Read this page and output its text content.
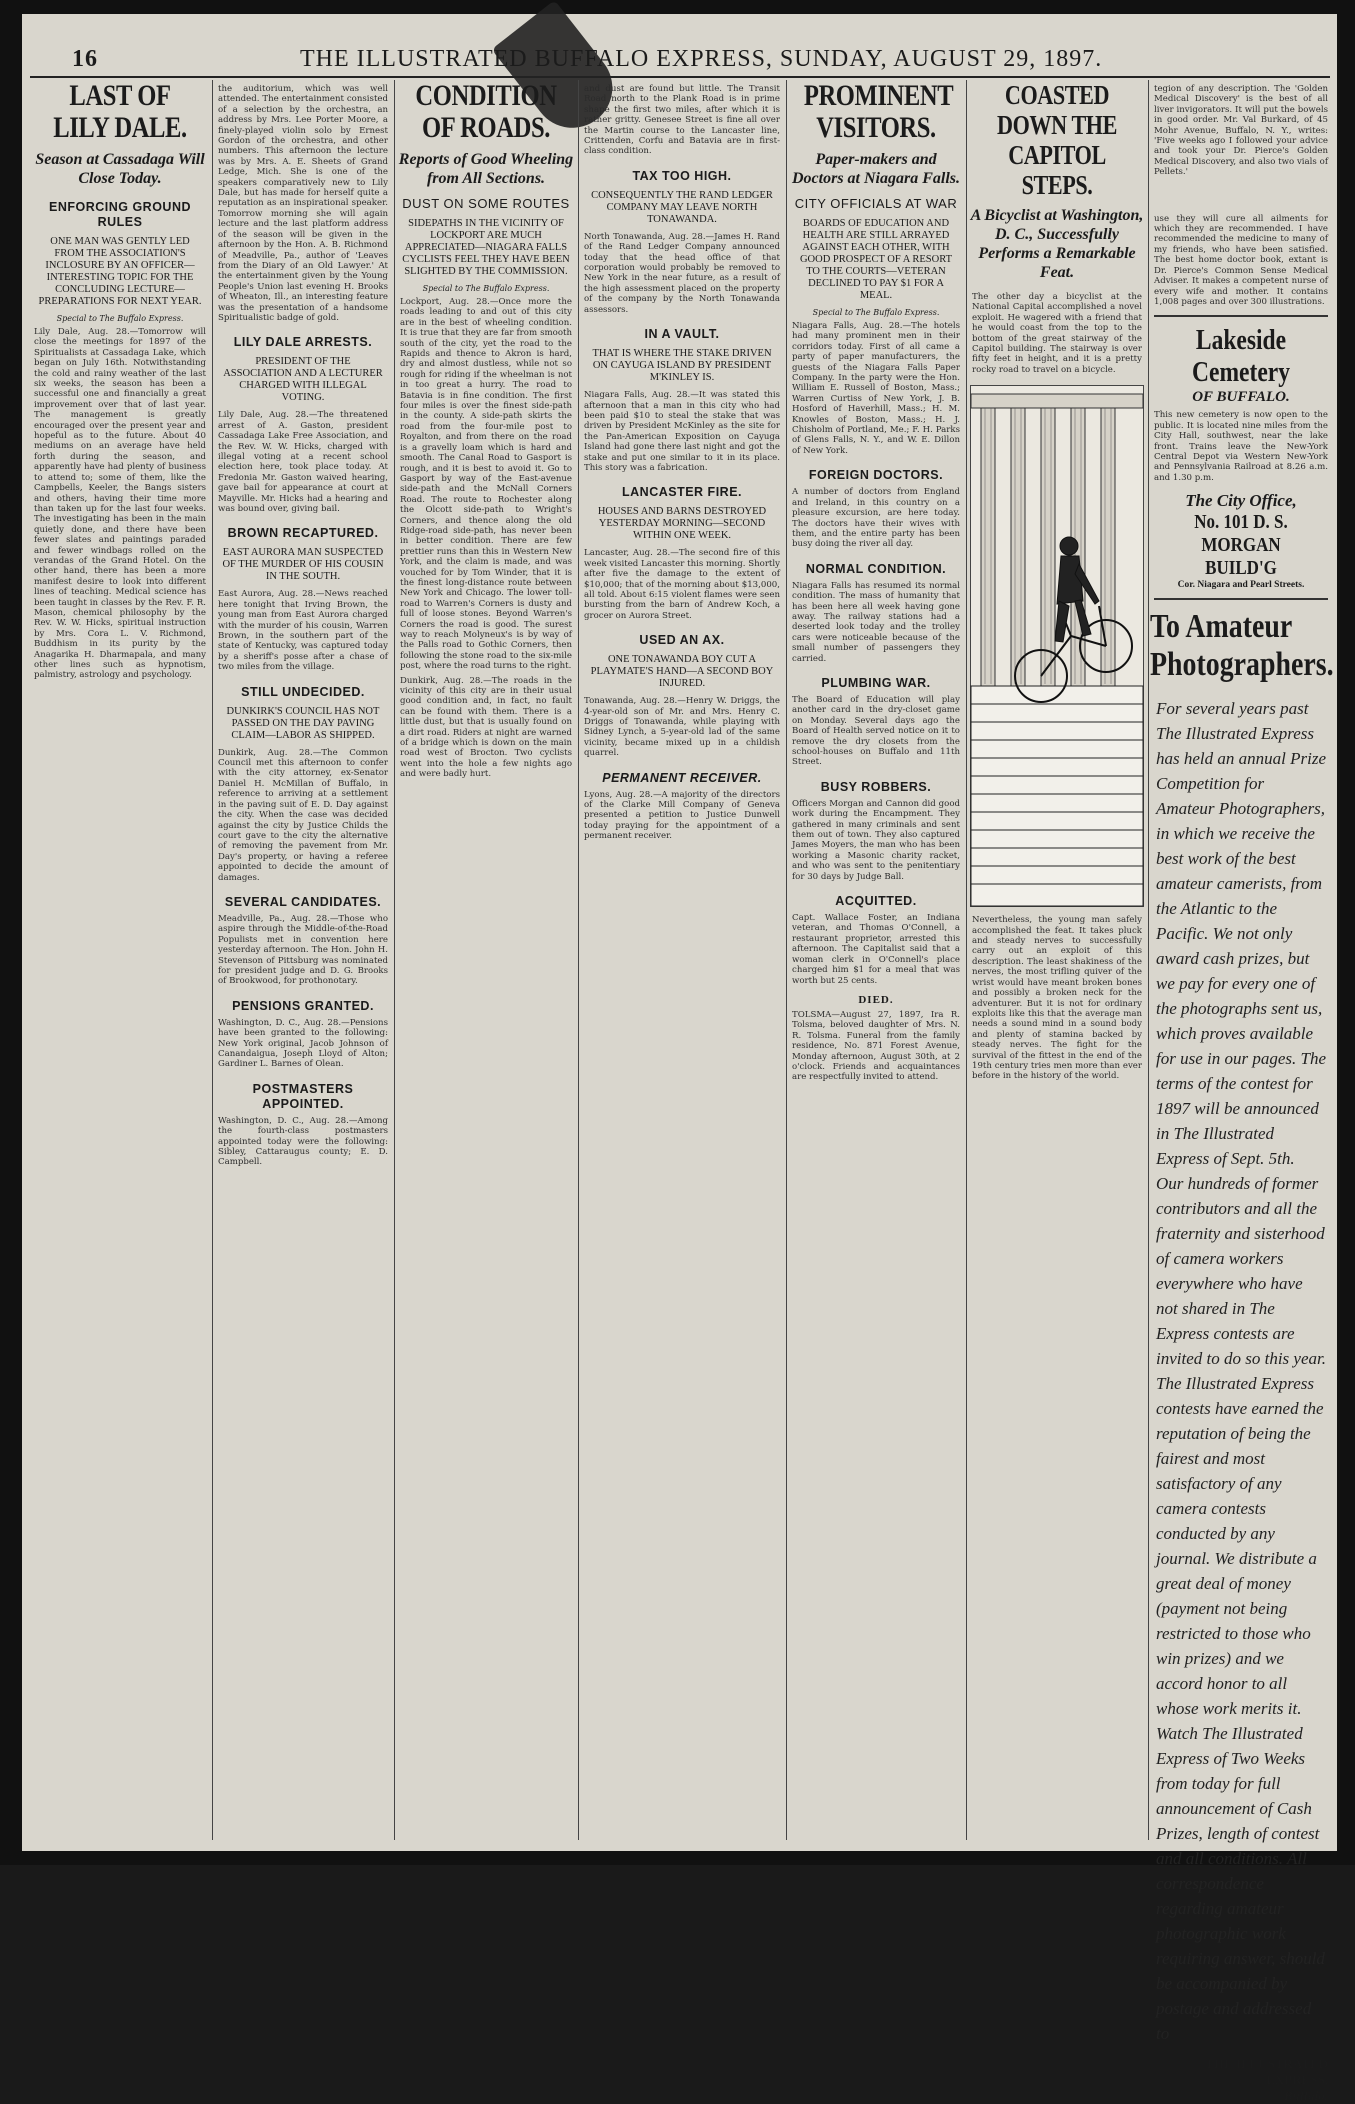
16	THE ILLUSTRATED BUFFALO EXPRESS, SUNDAY, AUGUST 29, 1897.
LAST OF LILY DALE.
Season at Cassadaga Will Close Today.
ENFORCING GROUND RULES
ONE MAN WAS GENTLY LED FROM THE ASSOCIATION'S INCLOSURE BY AN OFFICER—INTERESTING TOPIC FOR THE CONCLUDING LECTURE—PREPARATIONS FOR NEXT YEAR.
Special to The Buffalo Express.
Lily Dale, Aug. 28.—Tomorrow will close the meetings for 1897 of the Spiritualists at Cassadaga Lake, which began on July 16th. Notwithstanding the cold and rainy weather of the last six weeks, the season has been a successful one and financially a great improvement over that of last year. The management is greatly encouraged over the present year and hopeful as to the future. About 40 mediums on an average have held forth during the season, and apparently have had plenty of business to attend to; some of them, like the Campbells, Keeler, the Bangs sisters and others, having their time more than taken up for the last four weeks. The investigating has been in the main quietly done, and there have been fewer slates and paintings paraded and fewer windbags rolled on the verandas of the Grand Hotel. On the other hand, there has been a more manifest desire to look into different lines of teaching. Medical science has been taught in classes by the Rev. F. R. Mason, chemical philosophy by the Rev. W. W. Hicks, spiritual instruction by Mrs. Cora L. V. Richmond, Buddhism in its purity by the Anagarika H. Dharmapala, and many other lines such as hypnotism, palmistry, astrology and psychology.
the auditorium, which was well attended. The entertainment consisted of a selection by the orchestra, an address by Mrs. Lee Porter Moore, a finely-played violin solo by Ernest Gordon of the orchestra, and other numbers. This afternoon the lecture was by Mrs. A. E. Sheets of Grand Ledge, Mich. She is one of the speakers comparatively new to Lily Dale, but has made for herself quite a reputation as an inspirational speaker. Tomorrow morning she will again lecture and the last platform address of the season will be given in the afternoon by the Hon. A. B. Richmond of Meadville, Pa., author of 'Leaves from the Diary of an Old Lawyer.' At the entertainment given by the Young People's Union last evening H. Brooks of Wheaton, Ill., an interesting feature was the presentation of a handsome Spiritualistic badge of gold.
LILY DALE ARRESTS.
PRESIDENT OF THE ASSOCIATION AND A LECTURER CHARGED WITH ILLEGAL VOTING.
Lily Dale, Aug. 28.—The threatened arrest of A. Gaston, president Cassadaga Lake Free Association, and the Rev. W. W. Hicks, charged with illegal voting at a recent school election here, took place today. At Fredonia Mr. Gaston waived hearing, gave bail for appearance at court at Mayville. Mr. Hicks had a hearing and was bound over, giving bail.
BROWN RECAPTURED.
EAST AURORA MAN SUSPECTED OF THE MURDER OF HIS COUSIN IN THE SOUTH.
East Aurora, Aug. 28.—News reached here tonight that Irving Brown, the young man from East Aurora charged with the murder of his cousin, Warren Brown, in the southern part of the state of Kentucky, was captured today by a sheriff's posse after a chase of two miles from the village.
STILL UNDECIDED.
DUNKIRK'S COUNCIL HAS NOT PASSED ON THE DAY PAVING CLAIM—LABOR AS SHIPPED.
Dunkirk, Aug. 28.—The Common Council met this afternoon to confer with the city attorney, ex-Senator Daniel H. McMillan of Buffalo, in reference to arriving at a settlement in the paving suit of E. D. Day against the city. When the case was decided against the city by Justice Childs the court gave to the city the alternative of removing the pavement from Mr. Day's property, or having a referee appointed to decide the amount of damages.
SEVERAL CANDIDATES.
Meadville, Pa., Aug. 28.—Those who aspire through the Middle-of-the-Road Populists met in convention here yesterday afternoon. The Hon. John H. Stevenson of Pittsburg was nominated for president judge and D. G. Brooks of Brookwood, for prothonotary.
PENSIONS GRANTED.
Washington, D. C., Aug. 28.—Pensions have been granted to the following: New York original, Jacob Johnson of Canandaigua, Joseph Lloyd of Alton; Gardiner L. Barnes of Olean.
POSTMASTERS APPOINTED.
Washington, D. C., Aug. 28.—Among the fourth-class postmasters appointed today were the following: Sibley, Cattaraugus county; E. D. Campbell.
CONDITION OF ROADS.
Reports of Good Wheeling from All Sections.
DUST ON SOME ROUTES
SIDEPATHS IN THE VICINITY OF LOCKPORT ARE MUCH APPRECIATED—NIAGARA FALLS CYCLISTS FEEL THEY HAVE BEEN SLIGHTED BY THE COMMISSION.
Special to The Buffalo Express.
Lockport, Aug. 28.—Once more the roads leading to and out of this city are in the best of wheeling condition. It is true that they are far from smooth south of the city, yet the road to the Rapids and thence to Akron is hard, dry and almost dustless, while not so rough for riding if the wheelman is not in too great a hurry. The road to Batavia is in fine condition. The first four miles is over the finest side-path in the county. A side-path skirts the road from the four-mile post to Royalton, and from there on the road is a gravelly loam which is hard and smooth. The Canal Road to Gasport is rough, and it is best to avoid it. Go to Gasport by way of the East-avenue side-path and the McNall Corners Road. The route to Rochester along the Olcott side-path to Wright's Corners, and thence along the old Ridge-road side-path, has never been in better condition. There are few prettier runs than this in Western New York, and the claim is made, and was vouched for by Tom Winder, that it is the finest long-distance route between New York and Chicago. The lower toll-road to Warren's Corners is dusty and full of loose stones. Beyond Warren's Corners the road is good. The surest way to reach Molyneux's is by way of the Palls road to Gothic Corners, then following the stone road to the six-mile post, where the road turns to the right.
Dunkirk, Aug. 28.—The roads in the vicinity of this city are in their usual good condition and, in fact, no fault can be found with them. There is a little dust, but that is usually found on a dirt road. Riders at night are warned of a bridge which is down on the main road west of Brocton. Two cyclists went into the hole a few nights ago and were badly hurt.
and dust are found but little. The Transit Road north to the Plank Road is in prime shape the first two miles, after which it is rather gritty. Genesee Street is fine all over the Martin course to the Lancaster line, Crittenden, Corfu and Batavia are in first-class condition.
TAX TOO HIGH.
CONSEQUENTLY THE RAND LEDGER COMPANY MAY LEAVE NORTH TONAWANDA.
North Tonawanda, Aug. 28.—James H. Rand of the Rand Ledger Company announced today that the head office of that corporation would probably be removed to New York in the near future, as a result of the high assessment placed on the property of the company by the North Tonawanda assessors.
IN A VAULT.
THAT IS WHERE THE STAKE DRIVEN ON CAYUGA ISLAND BY PRESIDENT M'KINLEY IS.
Niagara Falls, Aug. 28.—It was stated this afternoon that a man in this city who had been paid $10 to steal the stake that was driven by President McKinley as the site for the Pan-American Exposition on Cayuga Island had gone there last night and got the stake and put one similar to it in its place. This story was a fabrication.
LANCASTER FIRE.
HOUSES AND BARNS DESTROYED YESTERDAY MORNING—SECOND WITHIN ONE WEEK.
Lancaster, Aug. 28.—The second fire of this week visited Lancaster this morning. Shortly after five the damage to the extent of $10,000; that of the morning about $13,000, all told. About 6:15 violent flames were seen bursting from the barn of Andrew Koch, a grocer on Aurora Street.
USED AN AX.
ONE TONAWANDA BOY CUT A PLAYMATE'S HAND—A SECOND BOY INJURED.
Tonawanda, Aug. 28.—Henry W. Driggs, the 4-year-old son of Mr. and Mrs. Henry C. Driggs of Tonawanda, while playing with Sidney Lynch, a 5-year-old lad of the same vicinity, became mixed up in a childish quarrel.
PERMANENT RECEIVER.
Lyons, Aug. 28.—A majority of the directors of the Clarke Mill Company of Geneva presented a petition to Justice Dunwell today praying for the appointment of a permanent receiver.
PROMINENT VISITORS.
Paper-makers and Doctors at Niagara Falls.
CITY OFFICIALS AT WAR
BOARDS OF EDUCATION AND HEALTH ARE STILL ARRAYED AGAINST EACH OTHER, WITH GOOD PROSPECT OF A RESORT TO THE COURTS—VETERAN DECLINED TO PAY $1 FOR A MEAL.
Special to The Buffalo Express.
Niagara Falls, Aug. 28.—The hotels had many prominent men in their corridors today. First of all came a party of paper manufacturers, the guests of the Niagara Falls Paper Company. In the party were the Hon. William E. Russell of Boston, Mass.; Warren Curtiss of New York, J. B. Hosford of Haverhill, Mass.; H. M. Knowles of Boston, Mass.; H. J. Chisholm of Portland, Me.; F. H. Parks of Glens Falls, N. Y., and W. E. Dillon of New York.
FOREIGN DOCTORS.
A number of doctors from England and Ireland, in this country on a pleasure excursion, are here today. The doctors have their wives with them, and the entire party has been busy doing the river all day.
NORMAL CONDITION.
Niagara Falls has resumed its normal condition. The mass of humanity that has been here all week having gone away. The railway stations had a deserted look today and the trolley cars were noticeable because of the small number of passengers they carried.
PLUMBING WAR.
The Board of Education will play another card in the dry-closet game on Monday. Several days ago the Board of Health served notice on it to remove the dry closets from the school-houses on Buffalo and 11th Street.
BUSY ROBBERS.
Officers Morgan and Cannon did good work during the Encampment. They gathered in many criminals and sent them out of town. They also captured James Moyers, the man who has been working a Masonic charity racket, and who was sent to the penitentiary for 30 days by Judge Ball.
ACQUITTED.
Capt. Wallace Foster, an Indiana veteran, and Thomas O'Connell, a restaurant proprietor, arrested this afternoon. The Capitalist said that a woman clerk in O'Connell's place charged him $1 for a meal that was worth but 25 cents.
DIED.
TOLSMA—August 27, 1897, Ira R. Tolsma, beloved daughter of Mrs. N. R. Tolsma. Funeral from the family residence, No. 871 Forest Avenue, Monday afternoon, August 30th, at 2 o'clock. Friends and acquaintances are respectfully invited to attend.
COASTED DOWN THE CAPITOL STEPS.
A Bicyclist at Washington, D. C., Successfully Performs a Remarkable Feat.
The other day a bicyclist at the National Capital accomplished a novel exploit. He wagered with a friend that he would coast from the top to the bottom of the great stairway of the Capitol building. The stairway is over fifty feet in height, and it is a pretty rocky road to travel on a bicycle.
Nevertheless, the young man safely accomplished the feat. It takes pluck and steady nerves to successfully carry out an exploit of this description. The least shakiness of the nerves, the most trifling quiver of the wrist would have meant broken bones and possibly a broken neck for the adventurer. But it is not for ordinary exploits like this that the average man needs a sound mind in a sound body and plenty of stamina backed by steady nerves. The fight for the survival of the fittest in the end of the 19th century tries men more than ever before in the history of the world.
tegion of any description. The 'Golden Medical Discovery' is the best of all liver invigorators. It will put the bowels in good order. Mr. Val Burkard, of 45 Mohr Avenue, Buffalo, N. Y., writes: 'Five weeks ago I followed your advice and took your Dr. Pierce's Golden Medical Discovery, and also two vials of Pellets.'
use they will cure all ailments for which they are recommended. I have recommended the medicine to many of my friends, who have been satisfied. The best home doctor book, extant is Dr. Pierce's Common Sense Medical Adviser. It makes a competent nurse of every wife and mother. It contains 1,008 pages and over 300 illustrations.
Lakeside Cemetery
OF BUFFALO.
This new cemetery is now open to the public. It is located nine miles from the City Hall, southwest, near the lake front. Trains leave the New-York Central Depot via Western New-York and Pennsylvania Railroad at 8.26 a.m. and 1.30 p.m.
The City Office,
No. 101 D. S. MORGAN BUILD'G
Cor. Niagara and Pearl Streets.
To Amateur
Photographers.
For several years past The Illustrated Express has held an annual Prize Competition for Amateur Photographers, in which we receive the best work of the best amateur camerists, from the Atlantic to the Pacific. We not only award cash prizes, but we pay for every one of the photographs sent us, which proves available for use in our pages. The terms of the contest for 1897 will be announced in The Illustrated Express of Sept. 5th. Our hundreds of former contributors and all the fraternity and sisterhood of camera workers everywhere who have not shared in The Express contests are invited to do so this year. The Illustrated Express contests have earned the reputation of being the fairest and most satisfactory of any camera contests conducted by any journal. We distribute a great deal of money (payment not being restricted to those who win prizes) and we accord honor to all whose work merits it. Watch The Illustrated Express of Two Weeks from today for full announcement of Cash Prizes, length of contest and all conditions. All correspondence regarding amateur photographic work requiring answer, should be accompanied by postage and addressed to
THE ILLUSTRATED EXPRESS,
Buffalo.
